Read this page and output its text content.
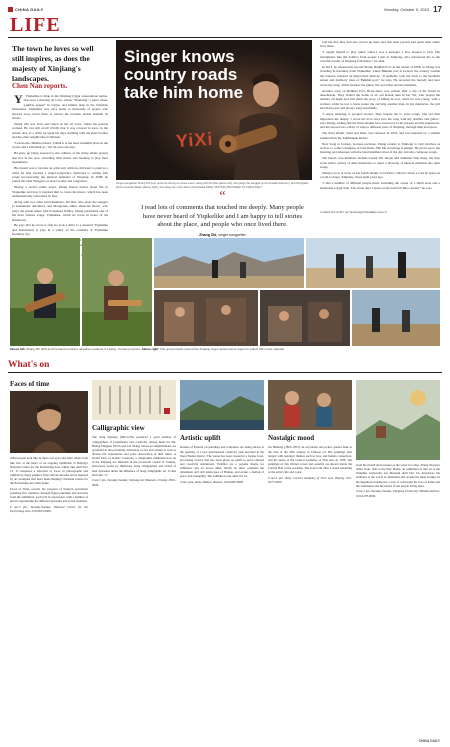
CHINA DAILY	Monday, October 9, 2023 17
LIFE
The town he loves so well still inspires, as does the majesty of Xinjiang's landscapes.
Chen Nan reports.

Y Yiqikelike is Kiqu in the Xinjiang Uygur autonomous region, that once a thriving oil town, whose "Shunxing" a place where papillae appear" in Uygur, and hidden deep in the Tianshan Mountains. Yiqikelike was once home to thousands of people who labored away down there to extract the treasure buried beneath its streets.

Zhang Zhi was born and raised in the oil town, where his parents worked. He can still recall vividly that it was covered in snow in the winter, and, as a child, he spent his days sledding with his elder brother and the other neighborhood children.

"Leaves me childhood there. I think it is the most beautiful place in the world, and I still think so," the 50-year-old says.

He grew up being exposed to the cultures of the many ethnic groups that live in the area, absorbing their music and learning to play their instruments.

His dream was to become an artist and, while he did learn to paint as a child, he later became a singer-songwriter, dedicated to writing folk songs incorporating the musical elements of Xinjiang. In 2008, he joined the band Yiyegazo as lead vocalist and songwriter.

During a recent online event, Zhang shared stories about life in Yiqikelike and how it inspired him to create his music, which has been enthusiastically welcomed by fans.

Along with two other band members, Du Wei, who plays the sanggar (a homemade dulcimer), and Mongolian ethnic musician Bawu, who plays the morin khuur (the horsehead fiddle), Zhang performed one of his most famous songs, Yiqikelike, which he wrote in honor of his hometown.

He says that he wrote it after he took a drive to a deserted Yiqikelike and instrument) to play in a valley on the outskirts of Yiqikelike Karamay city.

Singer knows country roads take him home
YiXi
Singer-songwriter Zhang Zhi (top) performs during an online event, along with Du Wei (above left), who plays the sanggar (a homemade dulcimer), and Mongolian ethnic musician Bawu (above right), who plays the morin khuur (horsehead fiddle). PHOTOS PROVIDED TO CHINA DAILY
“
I read lots of comments that touched me deeply. Many people have never heard of Yiqikelike and I am happy to tell stories about the place, and people who once lived there.
Zhang Zhi, singer-songwriter

told me that they had also grown up there and that their parents had spent their entire lives there.

"I taught myself to play guitar when I was a teenager. I also learned to play folk instruments like the dombra from people I met in Xinjiang, who introduced me to the colorful sounds of Xinjiang folk music," he adds.

In 2013, he released his second album, Bulkhin Port. In the winter of 2008, as Zhang was traveling in Karamay from Yiqikelike, where Bulkhin port is located, the scenery outside the window inspired an improvised melody. "It suddenly took me back to the beautiful sunset and mulberry trees of Bulkhin port," he says. He recorded the melody and later wrote the song, which features the guitar, the accordion and the marimba.

Another song on Bulkhin Port, Horse-man, was written after a trip of his friend in Aksehastan. They visited the home of an old Kazak man in his 70s, who played the dombra all night and told them the story of falling in love, when he was young, with a woman, while he lost a horse under the carrying another man. In his memories, the girl had black eyes and always sang beautifully.

"I enjoy listening to people's stories. They inspire me to write songs. The old man impressed me deeply. I wrote his love story into the song with my dombra and guitar," says Zhang, adding that his three albums have been love to his parents and his hometown, and the second was a diary of trips to different parts of Xinjiang, through time and space.

The third album, Sand and Dust, was released in 2016, and was inspired by a sudden sandstorm in the Taklimakan Desert.

New Song to Lidong, because previous, Zhang returns to Xinjiang to visit relatives as well as to collect examples of folk music. His life in Lidong is simple. He grows up to the morning and rehearses with the band members most of the day and also composes songs.

The band's core members include bassist Wu Jiaojia and drummer Wen Peng, but they work with a variety of other musicians, to inject a diversity of musical elements into their songs.

Zhang is now at work on his fourth album, Lost River, which is about a road he spent on a train to Kuqa, Xinjiang, about eight years ago.

"I met a number of different people there, including the owner of a small store and a handsome Uygur man. The seven days I spent on the train felt like a dream," he says.

Contact the writer at chennan@chinadaily.com.cn
Above left: Zhang Zhi (left) and his band members rehearse outdoors in Lijiang, Yunnan province. Above right: The group travels around the Xinjiang Uygur autonomous region to collect folk music material.
What's on
Faces of time

What people look like in their own eyes and other others look like live at the heart of an ongoing exhibition at Beijing's National Centre for the Performing Arts, which runs until Nov 12. It comprises a selection of faces in photographs and exhibits by many painters from various decades and is inspired by art examples that have made Beijing's National Centre for the Performing Arts their home.

Faces of Time, reveals the progress of Western portraiture spanning five centuries, through figure paintings and artworks from the exhibition, each rich in expression, with a number of pieces representing the different dynasties and social elements.

9 am-5 pm, Tuesday-Sunday. National Centre for the Performing Arts. 010-6655-0000.

Calligraphic view

The Song Dynasty (960-1279) produced a great number of calligraphers of prominence and creativity, among them Su Shi, Huang Tingjian, Mi Fu and Cai Xiang, whose accomplishments are grounded in the prevailing cultivation of arts and culture as well as diverse life experiences and acute observation of their times. A Grand View of Artistic Creations, a calligraphic exhibition now on at the Xinjiang Art Museum in the provincial capital of Urumqi, showcases works by illustrious Song calligraphers and artists of later dynasties under the influence of Song calligraphic art. It runs until Dec 17.

9 am-5 pm, Tuesday-Sunday. Xinjiang Art Museum, Urumqi. 0991-0000.

Artistic uplift

Dozens of Eastern oil paintings and sculptures are being shown at the opening of a new international creativity park unveiled in the Jiaoji Namei district. The venue has been created in a former food-processing factory that has been given an uplift to serve cultural and creativity institutions. Exhibits are a popular theme for exhibitors and art lovers alike. Works on show celebrate the dynamism and rich landscapes of Hainan, and evoke a feeling of peace and tranquility. The exhibition runs until Oct 22.

9 am-5 pm, daily. Haikou, Hainan. 010-6000-0000.

Nostalgic mood

Xu Beihong (1895-1953), an oil painter and writer, gained fame at the turn of the 20th century in Chinese art. His paintings deal largely with nostalgic themes such as love, and human connection, and the series at the Central Academy of Fine Arts in 1936. Ten paintings of this vibrant colors and serenity are shown inside the Central Hall of the academy. The event will offer a visual rendering of the artist's life and work.

9 am-5 pm, daily. Central Academy of Fine Arts, Beijing. 010-6477-0000.

from the mouth and pressure of the water for other. Zhang Xiaoyu's debut book, Ode to the Way Home, an exhibition of this art at the Tsinghua University Art Museum until Dec 19, introduces the audience to the world of animation and reveals his inner feeling. In his Ingenious brushwork, a way of conveying his love of home and the sentiments and the nature of the people living there.

9 am-5 pm, Tuesday-Sunday. Tsinghua University, Haidian district. 010-6278-0000.

CHINA DAILY
